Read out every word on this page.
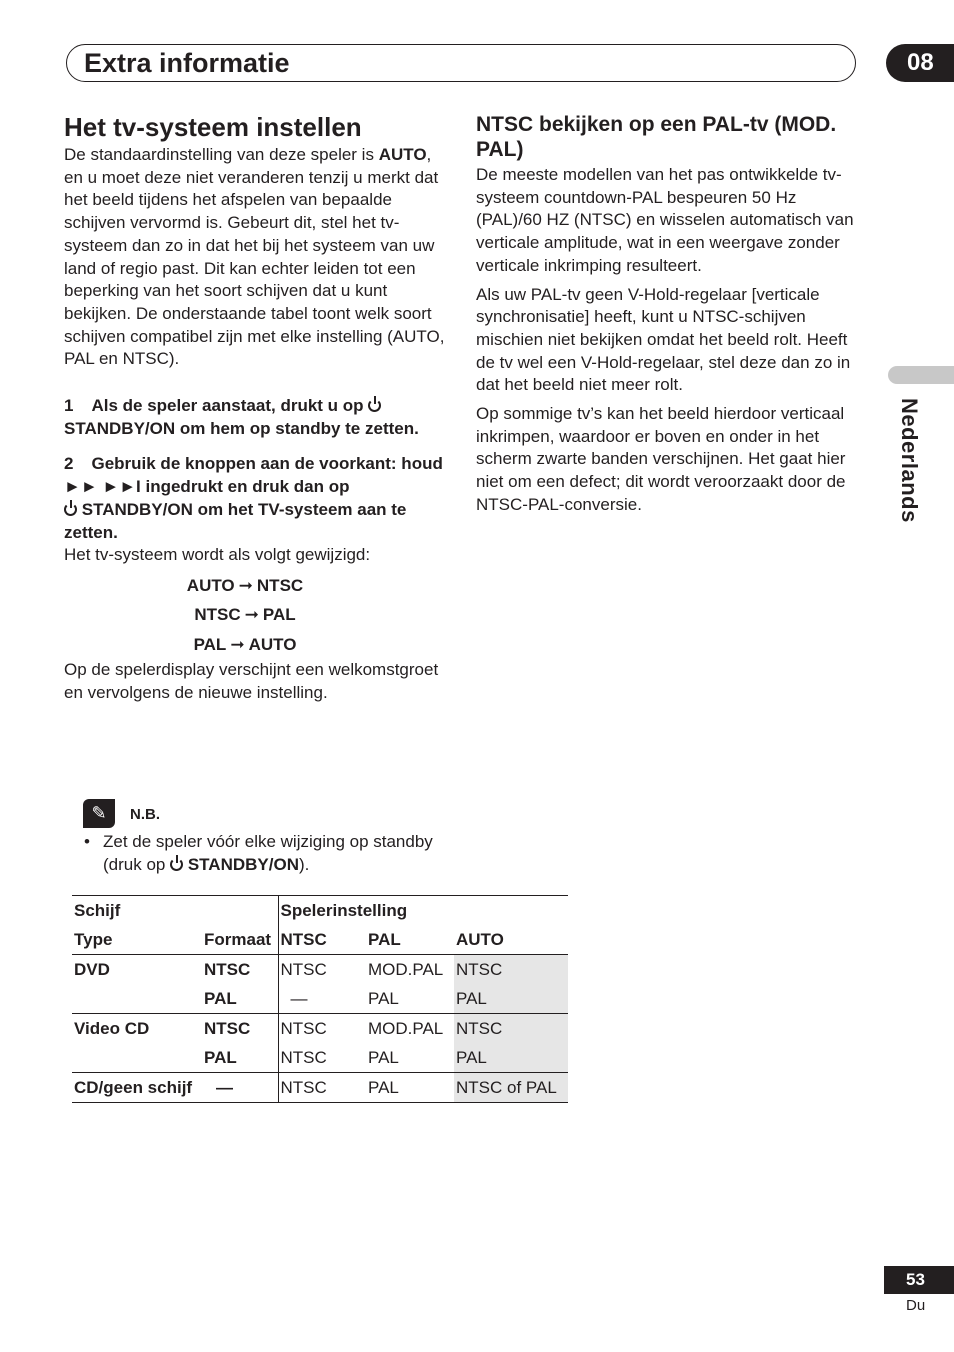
Extra informatie	08
Nederlands
53
Du
Het tv-systeem instellen

De standaardinstelling van deze speler is AUTO, en u moet deze niet veranderen tenzij u merkt dat het beeld tijdens het afspelen van bepaalde schijven vervormd is. Gebeurt dit, stel het tv-systeem dan zo in dat het bij het systeem van uw land of regio past. Dit kan echter leiden tot een beperking van het soort schijven dat u kunt bekijken. De onderstaande tabel toont welk soort schijven compatibel zijn met elke instelling (AUTO, PAL en NTSC).

1 Als de speler aanstaat, drukt u op
STANDBY/ON om hem op standby te zetten.

2 Gebruik de knoppen aan de voorkant: houd ►► ►►I ingedrukt en druk dan op
STANDBY/ON om het TV-systeem aan te zetten.

Het tv-systeem wordt als volgt gewijzigd:

AUTO ➞ NTSC
NTSC ➞ PAL
PAL ➞ AUTO

Op de spelerdisplay verschijnt een welkomstgroet en vervolgens de nieuwe instelling.

✎	N.B.
• Zet de speler vóór elke wijziging op standby (druk op STANDBY/ON).
Schijf		Spelerinstelling		
Type	Formaat	NTSC	PAL	AUTO
DVD	NTSC	NTSC	MOD.PAL	NTSC
	PAL	—	PAL	PAL
Video CD	NTSC	NTSC	MOD.PAL	NTSC
	PAL	NTSC	PAL	PAL
CD/geen schijf	—	NTSC	PAL	NTSC of PAL
NTSC bekijken op een PAL-tv (MOD. PAL)

De meeste modellen van het pas ontwikkelde tv-systeem countdown-PAL bespeuren 50 Hz (PAL)/60 HZ (NTSC) en wisselen automatisch van verticale amplitude, wat in een weergave zonder verticale inkrimping resulteert.

Als uw PAL-tv geen V-Hold-regelaar [verticale synchronisatie] heeft, kunt u NTSC-schijven mischien niet bekijken omdat het beeld rolt. Heeft de tv wel een V-Hold-regelaar, stel deze dan zo in dat het beeld niet meer rolt.

Op sommige tv’s kan het beeld hierdoor verticaal inkrimpen, waardoor er boven en onder in het scherm zwarte banden verschijnen. Het gaat hier niet om een defect; dit wordt veroorzaakt door de NTSC-PAL-conversie.
